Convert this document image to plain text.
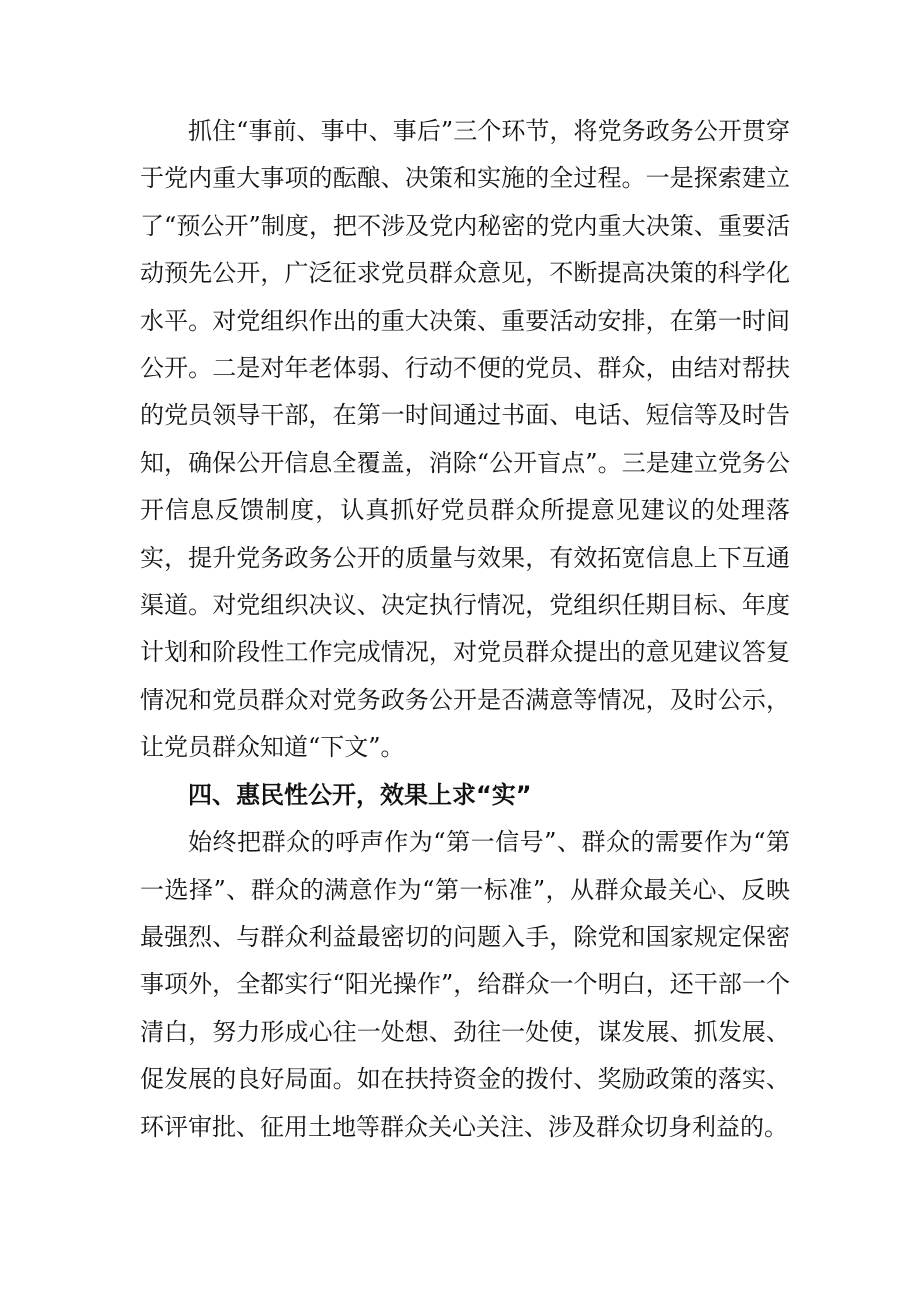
抓住“事前、事中、事后”三个环节，将党务政务公开贯穿于党内重大事项的酝酿、决策和实施的全过程。一是探索建立了“预公开”制度，把不涉及党内秘密的党内重大决策、重要活动预先公开，广泛征求党员群众意见，不断提高决策的科学化水平。对党组织作出的重大决策、重要活动安排，在第一时间公开。二是对年老体弱、行动不便的党员、群众，由结对帮扶的党员领导干部，在第一时间通过书面、电话、短信等及时告知，确保公开信息全覆盖，消除“公开盲点”。三是建立党务公开信息反馈制度，认真抓好党员群众所提意见建议的处理落实，提升党务政务公开的质量与效果，有效拓宽信息上下互通渠道。对党组织决议、决定执行情况，党组织任期目标、年度计划和阶段性工作完成情况，对党员群众提出的意见建议答复情况和党员群众对党务政务公开是否满意等情况，及时公示，让党员群众知道“下文”。

四、惠民性公开，效果上求“实”

始终把群众的呼声作为“第一信号”、群众的需要作为“第一选择”、群众的满意作为“第一标准”，从群众最关心、反映最强烈、与群众利益最密切的问题入手，除党和国家规定保密事项外，全都实行“阳光操作”，给群众一个明白，还干部一个清白，努力形成心往一处想、劲往一处使，谋发展、抓发展、促发展的良好局面。如在扶持资金的拨付、奖励政策的落实、环评审批、征用土地等群众关心关注、涉及群众切身利益的。
